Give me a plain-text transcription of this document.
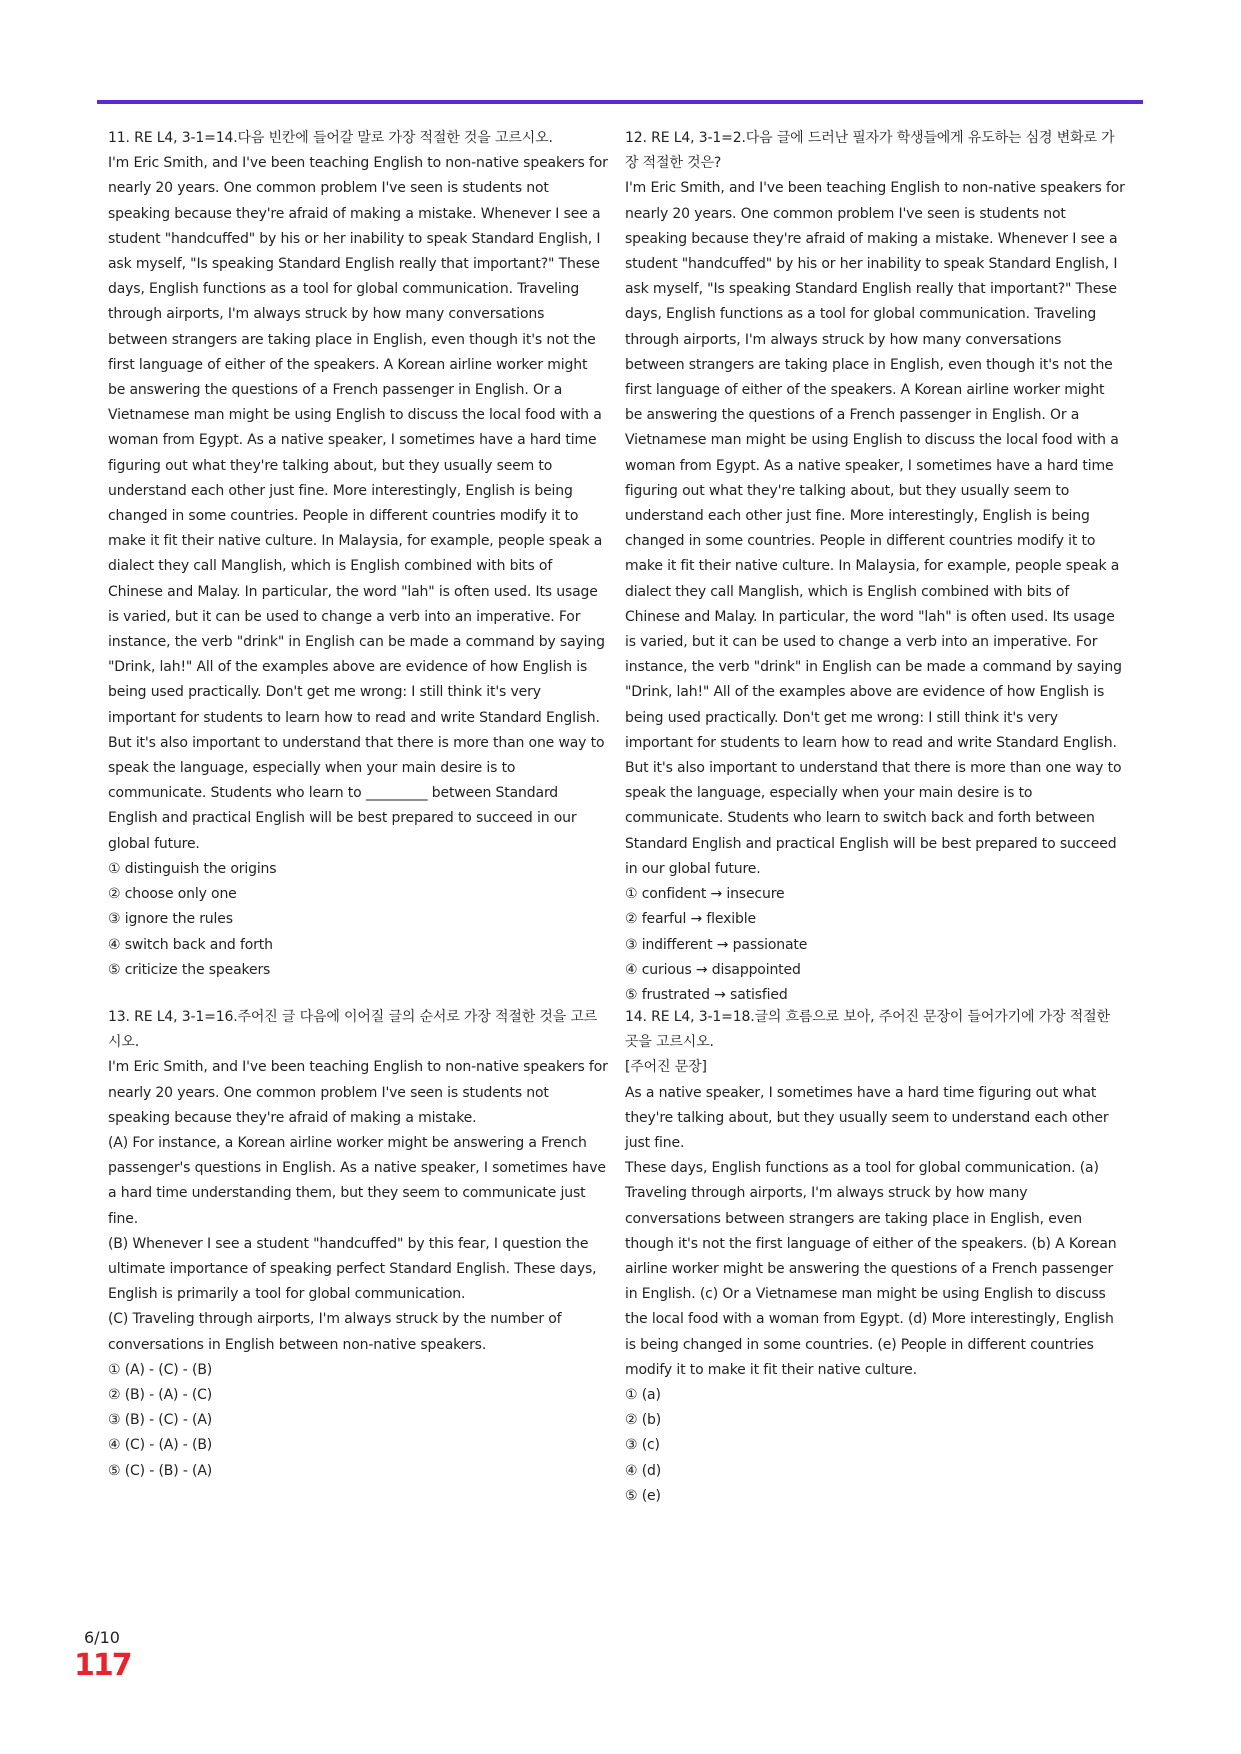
11. RE L4, 3-1=14.다음 빈칸에 들어갈 말로 가장 적절한 것을 고르시오.

I'm Eric Smith, and I've been teaching English to non-native speakers for nearly 20 years. One common problem I've seen is students not speaking because they're afraid of making a mistake. Whenever I see a student "handcuffed" by his or her inability to speak Standard English, I ask myself, "Is speaking Standard English really that important?" These days, English functions as a tool for global communication. Traveling through airports, I'm always struck by how many conversations between strangers are taking place in English, even though it's not the first language of either of the speakers. A Korean airline worker might be answering the questions of a French passenger in English. Or a Vietnamese man might be using English to discuss the local food with a woman from Egypt. As a native speaker, I sometimes have a hard time figuring out what they're talking about, but they usually seem to understand each other just fine. More interestingly, English is being changed in some countries. People in different countries modify it to make it fit their native culture. In Malaysia, for example, people speak a dialect they call Manglish, which is English combined with bits of Chinese and Malay. In particular, the word "lah" is often used. Its usage is varied, but it can be used to change a verb into an imperative. For instance, the verb "drink" in English can be made a command by saying "Drink, lah!" All of the examples above are evidence of how English is being used practically. Don't get me wrong: I still think it's very important for students to learn how to read and write Standard English. But it's also important to understand that there is more than one way to speak the language, especially when your main desire is to communicate. Students who learn to _________ between Standard English and practical English will be best prepared to succeed in our global future.

① distinguish the origins
② choose only one
③ ignore the rules
④ switch back and forth
⑤ criticize the speakers

12. RE L4, 3-1=2.다음 글에 드러난 필자가 학생들에게 유도하는 심경 변화로 가장 적절한 것은?

I'm Eric Smith, and I've been teaching English to non-native speakers for nearly 20 years. One common problem I've seen is students not speaking because they're afraid of making a mistake. Whenever I see a student "handcuffed" by his or her inability to speak Standard English, I ask myself, "Is speaking Standard English really that important?" These days, English functions as a tool for global communication. Traveling through airports, I'm always struck by how many conversations between strangers are taking place in English, even though it's not the first language of either of the speakers. A Korean airline worker might be answering the questions of a French passenger in English. Or a Vietnamese man might be using English to discuss the local food with a woman from Egypt. As a native speaker, I sometimes have a hard time figuring out what they're talking about, but they usually seem to understand each other just fine. More interestingly, English is being changed in some countries. People in different countries modify it to make it fit their native culture. In Malaysia, for example, people speak a dialect they call Manglish, which is English combined with bits of Chinese and Malay. In particular, the word "lah" is often used. Its usage is varied, but it can be used to change a verb into an imperative. For instance, the verb "drink" in English can be made a command by saying "Drink, lah!" All of the examples above are evidence of how English is being used practically. Don't get me wrong: I still think it's very important for students to learn how to read and write Standard English. But it's also important to understand that there is more than one way to speak the language, especially when your main desire is to communicate. Students who learn to switch back and forth between Standard English and practical English will be best prepared to succeed in our global future.

① confident → insecure
② fearful → flexible
③ indifferent → passionate
④ curious → disappointed
⑤ frustrated → satisfied

13. RE L4, 3-1=16.주어진 글 다음에 이어질 글의 순서로 가장 적절한 것을 고르시오.

I'm Eric Smith, and I've been teaching English to non-native speakers for nearly 20 years. One common problem I've seen is students not speaking because they're afraid of making a mistake.

(A) For instance, a Korean airline worker might be answering a French passenger's questions in English. As a native speaker, I sometimes have a hard time understanding them, but they seem to communicate just fine.

(B) Whenever I see a student "handcuffed" by this fear, I question the ultimate importance of speaking perfect Standard English. These days, English is primarily a tool for global communication.

(C) Traveling through airports, I'm always struck by the number of conversations in English between non-native speakers.

① (A) - (C) - (B)
② (B) - (A) - (C)
③ (B) - (C) - (A)
④ (C) - (A) - (B)
⑤ (C) - (B) - (A)

14. RE L4, 3-1=18.글의 흐름으로 보아, 주어진 문장이 들어가기에 가장 적절한 곳을 고르시오.

[주어진 문장]

As a native speaker, I sometimes have a hard time figuring out what they're talking about, but they usually seem to understand each other just fine.

These days, English functions as a tool for global communication. (a) Traveling through airports, I'm always struck by how many conversations between strangers are taking place in English, even though it's not the first language of either of the speakers. (b) A Korean airline worker might be answering the questions of a French passenger in English. (c) Or a Vietnamese man might be using English to discuss the local food with a woman from Egypt. (d) More interestingly, English is being changed in some countries. (e) People in different countries modify it to make it fit their native culture.

① (a)
② (b)
③ (c)
④ (d)
⑤ (e)
6/10
117
